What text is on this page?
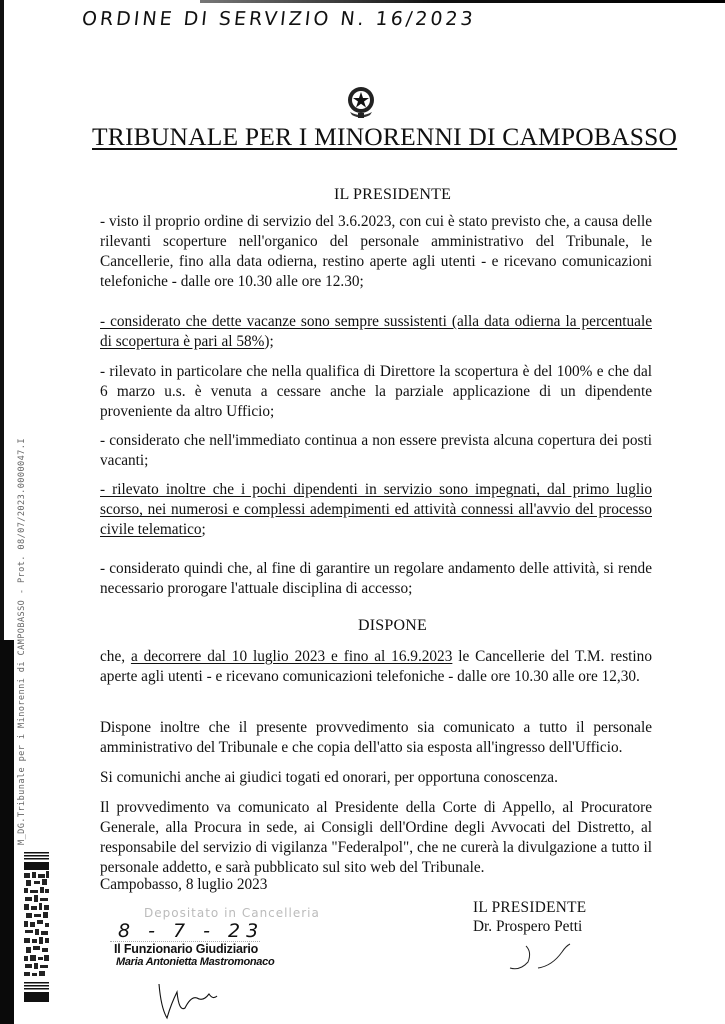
ORDINE DI SERVIZIO N. 16/2023
TRIBUNALE PER I MINORENNI DI CAMPOBASSO
IL PRESIDENTE
- visto il proprio ordine di servizio del 3.6.2023, con cui è stato previsto che, a causa delle rilevanti scoperture nell'organico del personale amministrativo del Tribunale, le Cancellerie, fino alla data odierna, restino aperte agli utenti - e ricevano comunicazioni telefoniche - dalle ore 10.30 alle ore 12.30;
- considerato che dette vacanze sono sempre sussistenti (alla data odierna la percentuale di scopertura è pari al 58%);
- rilevato in particolare che nella qualifica di Direttore la scopertura è del 100% e che dal 6 marzo u.s. è venuta a cessare anche la parziale applicazione di un dipendente proveniente da altro Ufficio;
- considerato che nell'immediato continua a non essere prevista alcuna copertura dei posti vacanti;
- rilevato inoltre che i pochi dipendenti in servizio sono impegnati, dal primo luglio scorso, nei numerosi e complessi adempimenti ed attività connessi all'avvio del processo civile telematico;
- considerato quindi che, al fine di garantire un regolare andamento delle attività, si rende necessario prorogare l'attuale disciplina di accesso;
DISPONE
che, a decorrere dal 10 luglio 2023 e fino al 16.9.2023 le Cancellerie del T.M. restino aperte agli utenti - e ricevano comunicazioni telefoniche - dalle ore 10.30 alle ore 12,30.
Dispone inoltre che il presente provvedimento sia comunicato a tutto il personale amministrativo del Tribunale e che copia dell'atto sia esposta all'ingresso dell'Ufficio.
Si comunichi anche ai giudici togati ed onorari, per opportuna conoscenza.
Il provvedimento va comunicato al Presidente della Corte di Appello, al Procuratore Generale, alla Procura in sede, ai Consigli dell'Ordine degli Avvocati del Distretto, al responsabile del servizio di vigilanza "Federalpol", che ne curerà la divulgazione a tutto il personale addetto, e sarà pubblicato sul sito web del Tribunale.
Campobasso, 8 luglio 2023
IL PRESIDENTE
Dr. Prospero Petti
Depositato in Cancelleria
8 - 7 - 23
Il Funzionario Giudiziario
Maria Antonietta Mastromonaco
M_DG.Tribunale per i Minorenni di CAMPOBASSO - Prot. 08/07/2023.0000047.I
